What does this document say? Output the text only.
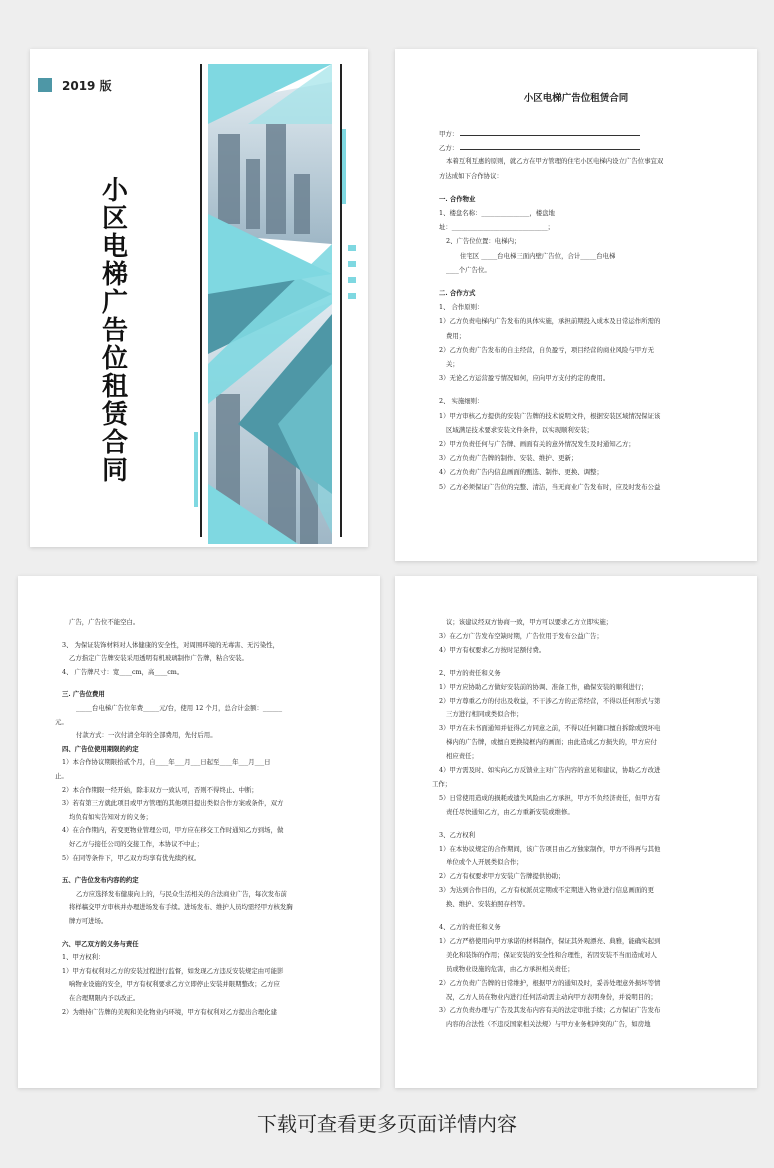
2019 版
小区电梯广告位租赁合同
小区电梯广告位租赁合同
甲方：
乙方：
本着互利互惠的原则，就乙方在甲方管理的住宅小区电梯内设立广告位事宜双
方达成如下合作协议：
一. 合作物业
1、楼盘名称：_______________，楼盘地
址：______________________________；
2、广告位位置：电梯内；
住宅区 _____台电梯三面内壁广告位，合计_____台电梯
____个广告位。
二. 合作方式
1、 合作原则：
1）乙方负责电梯内广告发布的具体实施，承担前期投入成本及日常运作所需的
费用；
2）乙方负责广告发布的自主经营，自负盈亏，项目经营的商业风险与甲方无
关；
3）无论乙方运营盈亏情况如何，应向甲方支付约定的费用。
2、 实施细则：
1）甲方审核乙方提供的安装广告牌的技术说明文件，根据安装区域情况保证该
区域满足技术要求安装文件条件，以实现顺利安装；
2）甲方负责任何与广告牌、画面有关的意外情况发生及时通知乙方；
3）乙方负责广告牌的制作、安装、维护、更新；
4）乙方负责广告内信息画面的甄选、制作、更换、调整；
5）乙方必须保证广告位的完整、清洁，当无商业广告发布时，应及时发布公益
广告，广告位不能空白。
3、 为保证装饰材料对人体健康的安全性，对周围环境的无毒害、无污染性，
乙方指定广告牌安装采用透明有机玻璃制作广告牌，粘合安装。
4、 广告牌尺寸：宽____cm，高____cm。
三. 广告位费用
_____台电梯广告位年费_____元/台，使用 12 个月，总合计金额：______
元。
付款方式：一次付清全年的全部费用，先付后用。
四、广告位使用期限的约定
1）本合作协议期限拾贰个月，自____年___月___日起至____年___月___日
止。
2）本合作期限一经开始，除非双方一致认可，否则不得终止、中断；
3）若有第三方就此项目或甲方管理的其他项目提出类似合作方案或条件，双方
均负有如实告知对方的义务；
4）在合作期内，若变更物业管理公司，甲方应在移交工作时通知乙方到场，做
好乙方与接任公司的交接工作，本协议不中止；
5）在同等条件下，甲乙双方均享有优先续约权。
五、广告位发布内容的约定
乙方应选择发布健康向上的，与民众生活相关的合法商业广告，每次发布前
将样稿交甲方审核并办理进场发布手续。进场发布、维护人员均需经甲方核发胸
牌方可进场。
六、甲乙双方的义务与责任
1、甲方权利：
1）甲方有权利对乙方的安装过程进行监督，如发现乙方违反安装规定由可能影
响物业设施的安全，甲方有权利要求乙方立即停止安装并限期整改；乙方应
在合理期限内予以改正。
2）为维持广告牌的美观和美化物业内环境，甲方有权利对乙方提出合理化建
议；该建议经双方协商一致，甲方可以要求乙方立即实施；
3）在乙方广告发布空缺时期，广告位用于发布公益广告；
4）甲方有权要求乙方按时足额付费。
2、甲方的责任和义务
1）甲方应协助乙方做好安装前的协调、准备工作，确保安装的顺利进行；
2）甲方尊重乙方的付出及收益，不干涉乙方的正常经营，不得以任何形式与第
三方进行相同或类似合作；
3）甲方在未书面通知并征得乙方同意之前，不得以任何籍口擅自拆除或毁坏电
梯内的广告牌，或擅自更换镜框内的画面；由此造成乙方损失的，甲方应付
相应责任；
4）甲方需及时、如实向乙方反馈业主对广告内容的意见和建议，协助乙方改进
工作；
5）日常使用造成的损耗或遗失风险由乙方承担，甲方不负经济责任，但甲方有
责任尽快通知乙方，由乙方重新安装或维修。
3、乙方权利
1）在本协议规定的合作期间，该广告项目由乙方独家制作，甲方不得再与其他
单位或个人开展类似合作；
2）乙方有权要求甲方安装广告牌提供协助；
3）为达到合作目的，乙方有权派员定期或不定期进入物业进行信息画面的更
换、维护、安装拍照存档等。
4、乙方的责任和义务
1）乙方严格使用向甲方承诺的材料制作，保证其外观漂亮、典雅，能确实起到
美化和装饰的作用；保证安装的安全性和合理性，若因安装不当而造成对人
员或物业设施的危害，由乙方承担相关责任；
2）乙方负责广告牌的日常维护，根据甲方的通知及时，妥善处理意外损坏等情
况，乙方人员在物业内进行任何活动需主动向甲方表明身份，并说明目的；
3）乙方负责办理与广告及其发布内容有关的法定审批手续；乙方保证广告发布
内容的合法性（不违反国家相关法规）与甲方业务相冲突的广告，如房地
下载可查看更多页面详情内容
